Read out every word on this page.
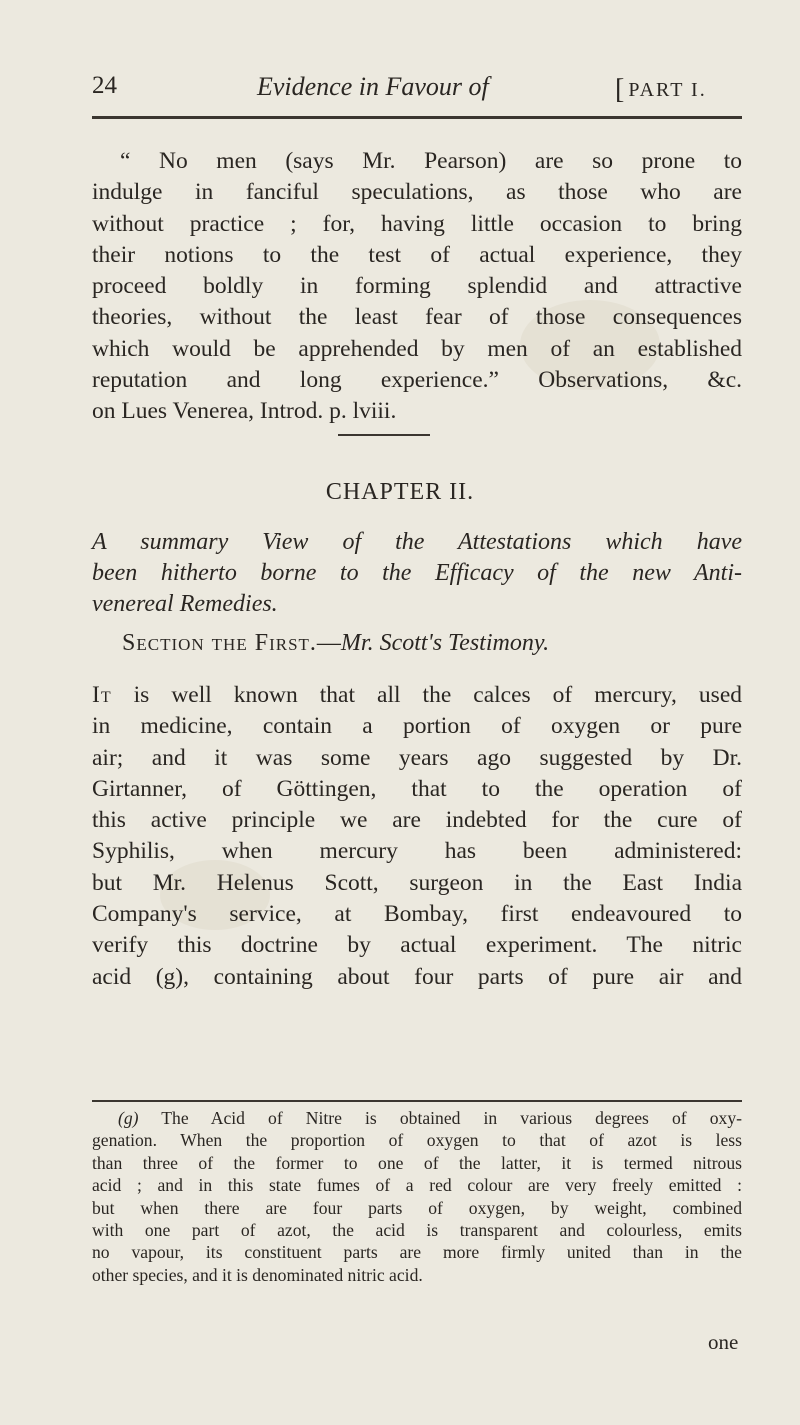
24	Evidence in Favour of	[ PART I.
“ No men (says Mr. Pearson) are so prone to
indulge in fanciful speculations, as those who are
without practice ; for, having little occasion to bring
their notions to the test of actual experience, they
proceed boldly in forming splendid and attractive
theories, without the least fear of those consequences
which would be apprehended by men of an established
reputation and long experience.” Observations, &c.
on Lues Venerea, Introd. p. lviii.
CHAPTER II.
A summary View of the Attestations which have
been hitherto borne to the Efficacy of the new Anti-
venereal Remedies.
Section the First.—Mr. Scott's Testimony.
It is well known that all the calces of mercury, used
in medicine, contain a portion of oxygen or pure
air; and it was some years ago suggested by Dr.
Girtanner, of Göttingen, that to the operation of
this active principle we are indebted for the cure of
Syphilis, when mercury has been administered:
but Mr. Helenus Scott, surgeon in the East India
Company's service, at Bombay, first endeavoured to
verify this doctrine by actual experiment. The nitric
acid (g), containing about four parts of pure air and
(g) The Acid of Nitre is obtained in various degrees of oxy-
genation. When the proportion of oxygen to that of azot is less
than three of the former to one of the latter, it is termed nitrous
acid ; and in this state fumes of a red colour are very freely emitted :
but when there are four parts of oxygen, by weight, combined
with one part of azot, the acid is transparent and colourless, emits
no vapour, its constituent parts are more firmly united than in the
other species, and it is denominated nitric acid.
one
